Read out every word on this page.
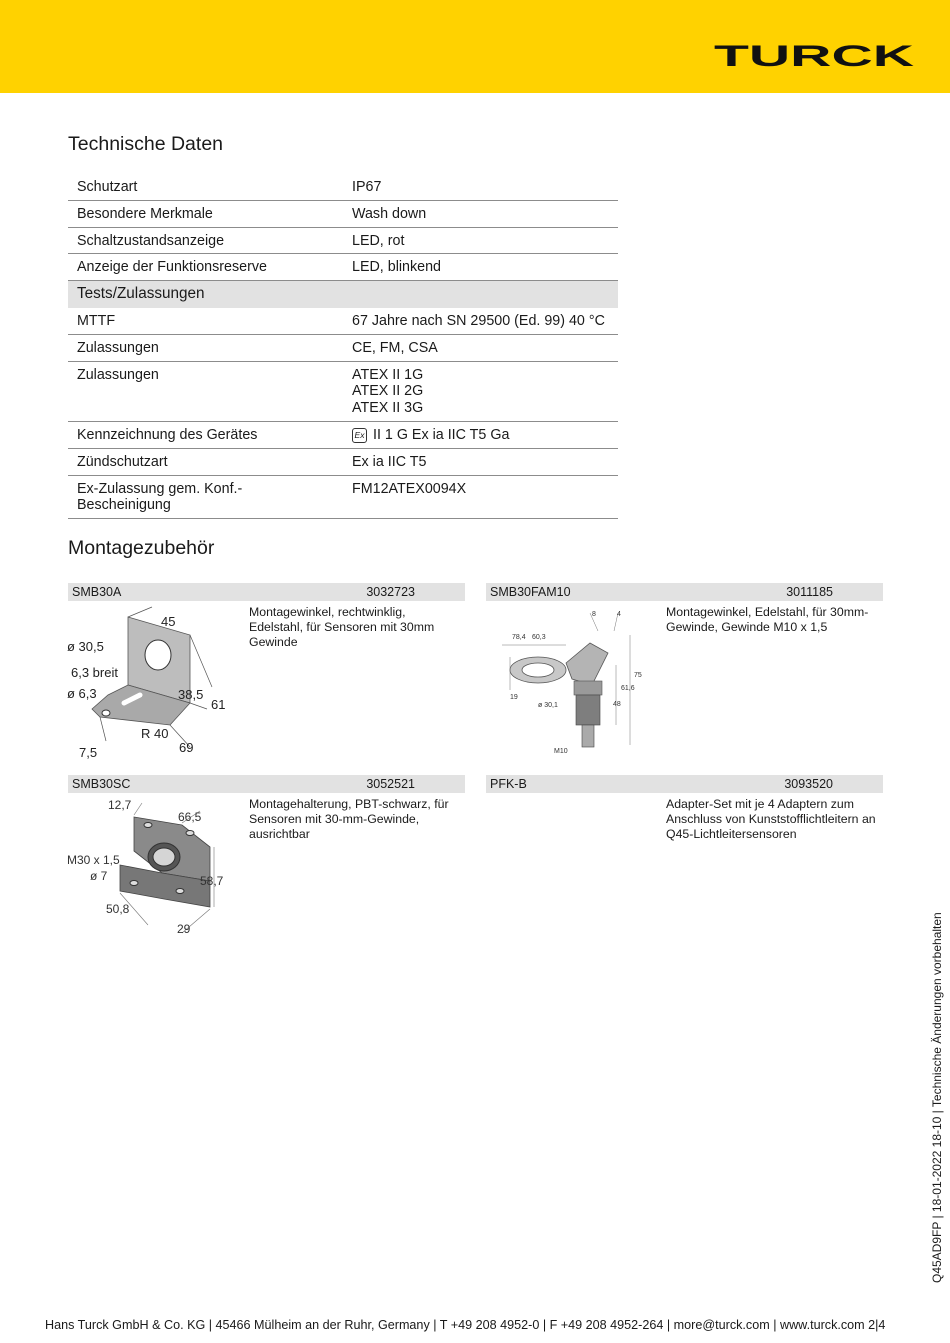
TURCK
Technische Daten
Schutzart	IP67
Besondere Merkmale	Wash down
Schaltzustandsanzeige	LED, rot
Anzeige der Funktionsreserve	LED, blinkend
Tests/Zulassungen	
MTTF	67 Jahre nach SN 29500 (Ed. 99) 40 °C
Zulassungen	CE, FM, CSA
Zulassungen	ATEX II 1G
ATEX II 2G
ATEX II 3G

Kennzeichnung des Gerätes	Ex II 1 G Ex ia IIC T5 Ga
Zündschutzart	Ex ia IIC T5
Ex-Zulassung gem. Konf.-Bescheinigung	FM12ATEX0094X
Montagezubehör
SMB30A	3032723
Montagewinkel, rechtwinklig, Edelstahl, für Sensoren mit 30mm Gewinde
45
ø 30,5
6,3 breit
ø 6,3	38,5
61
R 40
7,5	69
SMB30FAM10	3011185
Montagewinkel, Edelstahl, für 30mm-Gewinde, Gewinde M10 x 1,5
8	4
78,4 60,3
75
61,6
48
19
ø 30,1
M10
SMB30SC	3052521
Montagehalterung, PBT-schwarz, für Sensoren mit 30-mm-Gewinde, ausrichtbar
12,7
66,5
M30 x 1,5
ø 7	58,7
50,8
29
PFK-B	3093520
Adapter-Set mit je 4 Adaptern zum Anschluss von Kunststofflichtleitern an Q45-Lichtleitersensoren
Q45AD9FP | 18-01-2022 18-10 | Technische Änderungen vorbehalten
Hans Turck GmbH & Co. KG | 45466 Mülheim an der Ruhr, Germany | T +49 208 4952-0 | F +49 208 4952-264 | more@turck.com | www.turck.com 2|4
